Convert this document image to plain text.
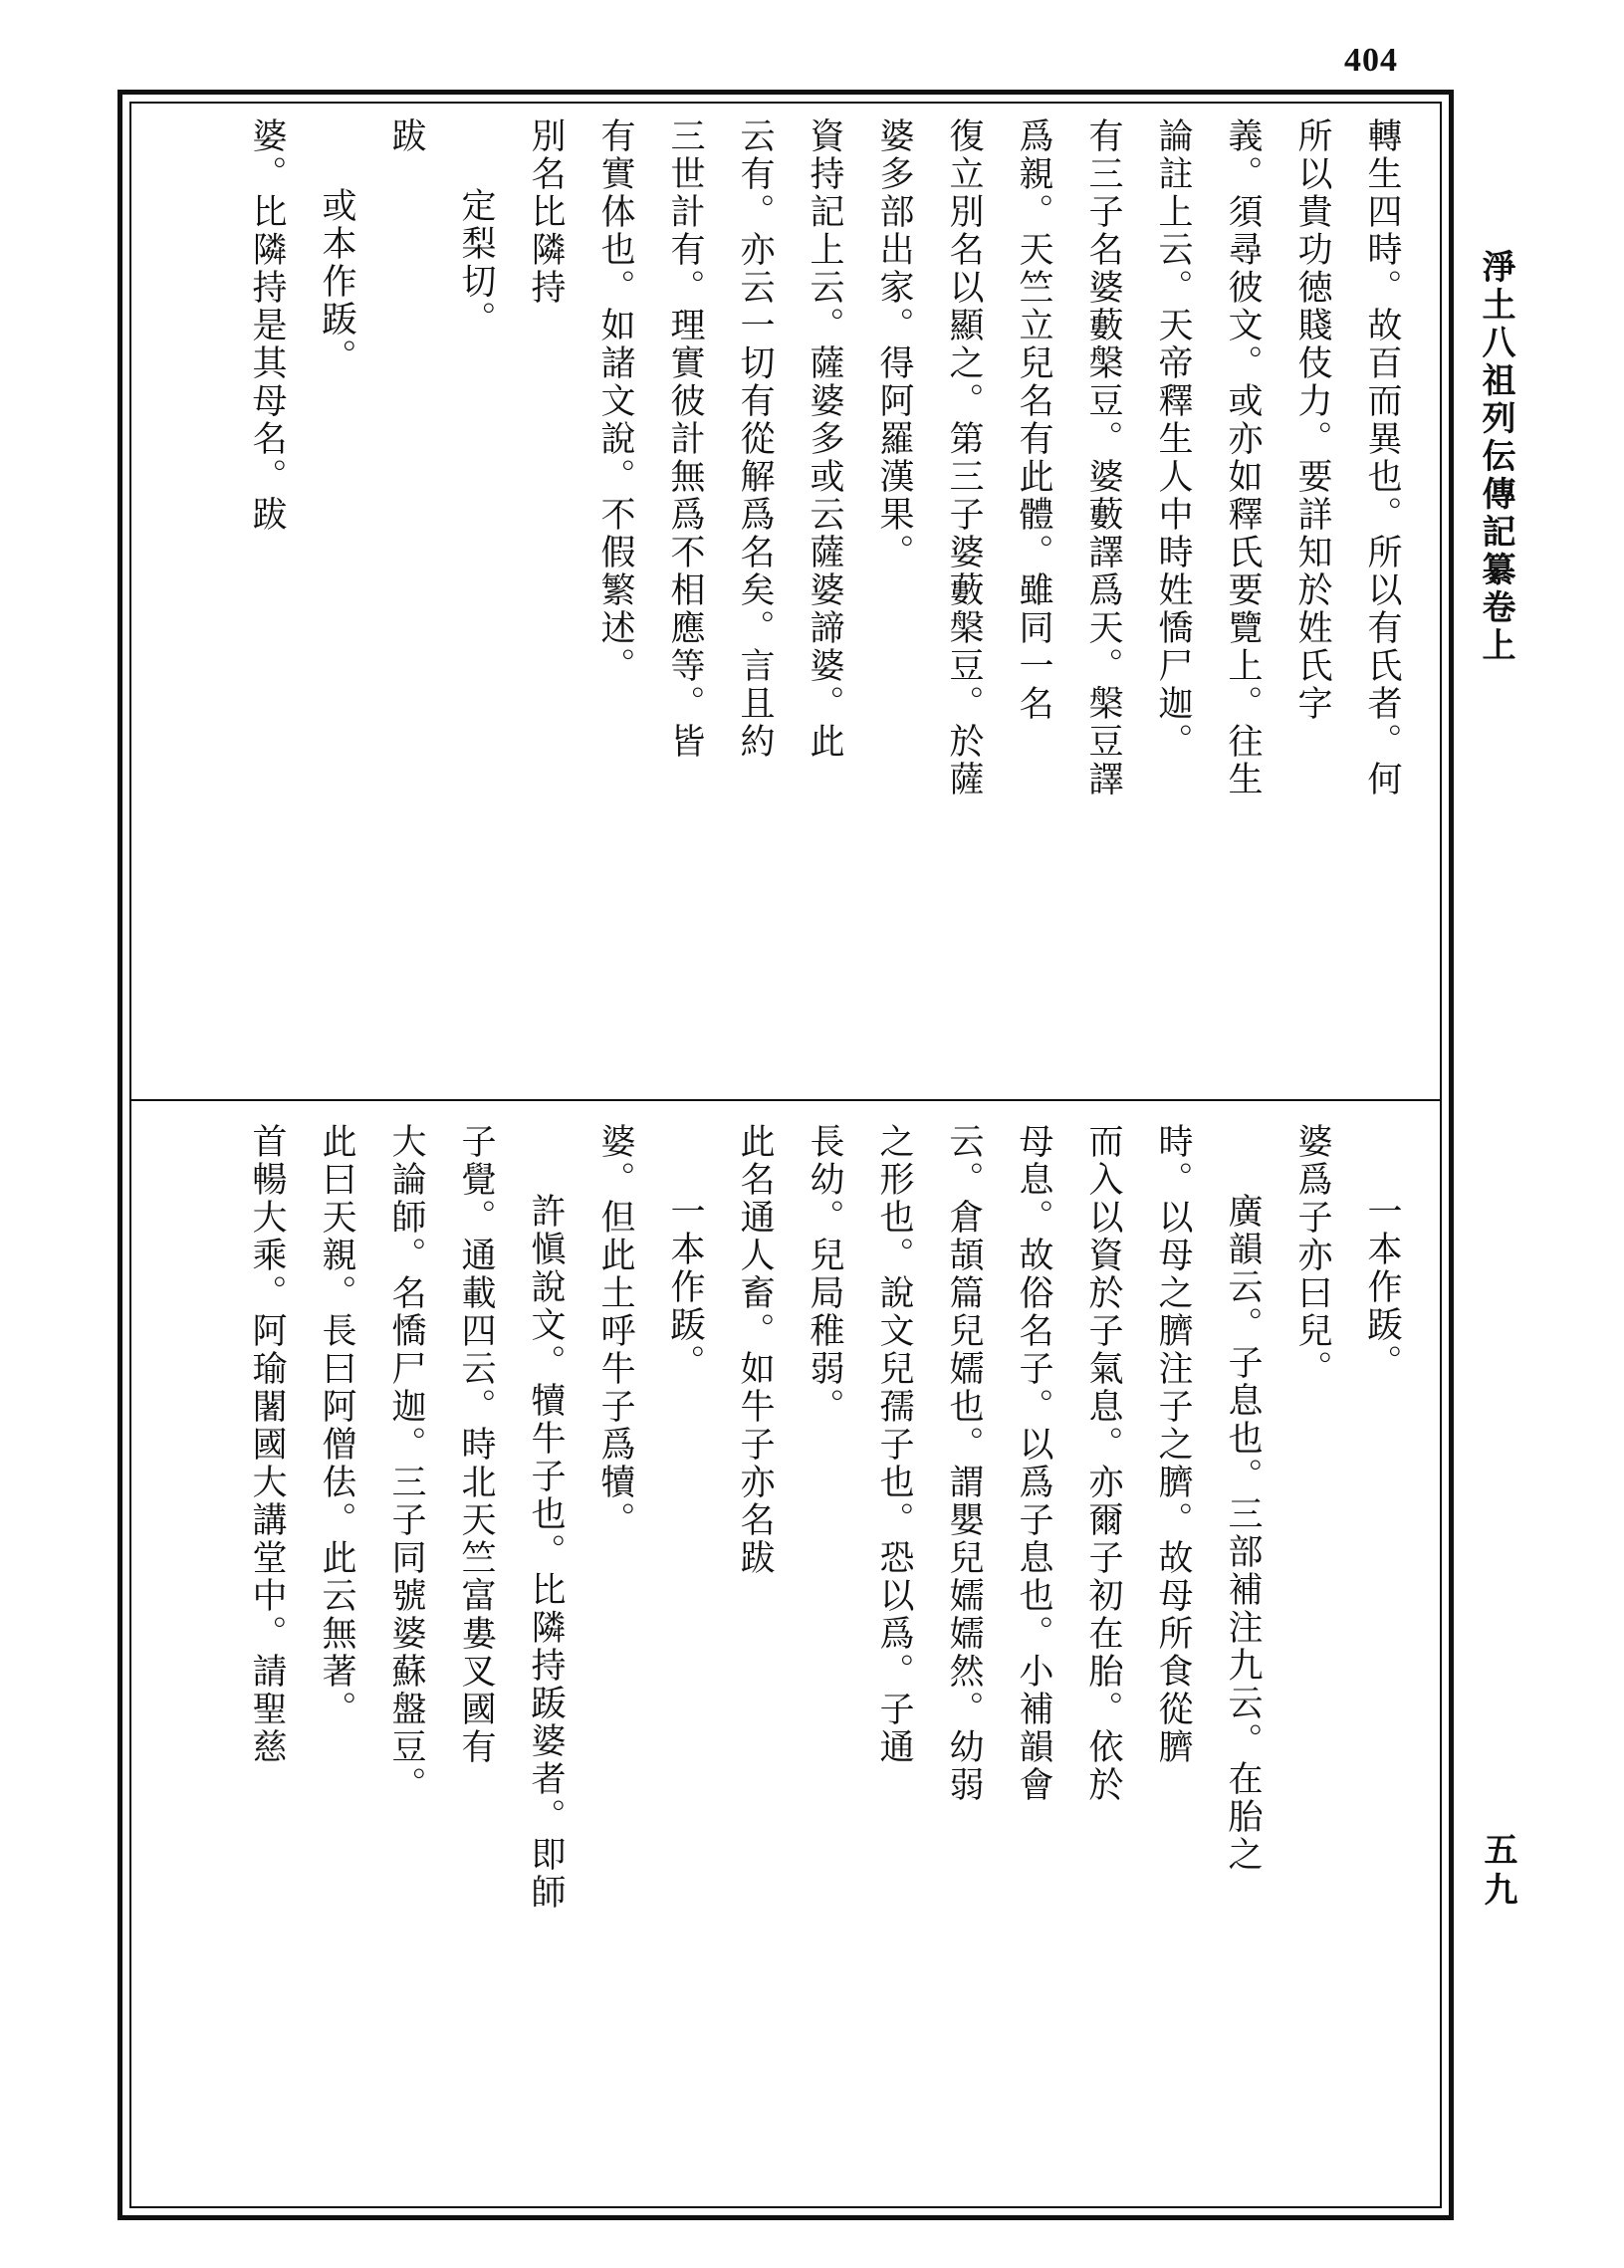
404
淨土八祖列伝傳記纂卷上
五九
轉生四時。故百而異也。所以有氏者。何
所以貴功徳賤伎力。要詳知於姓氏字
義。須尋彼文。或亦如釋氏要覽上。往生
論註上云。天帝釋生人中時姓憍尸迦。
有三子名婆藪槃豆。婆藪譯爲天。槃豆譯
爲親。天竺立兒名有此體。雖同一名
復立別名以顯之。第三子婆藪槃豆。於薩
婆多部出家。得阿羅漢果。
資持記上云。薩婆多或云薩婆諦婆。此
云有。亦云一切有從解爲名矣。言且約
三世計有。理實彼計無爲不相應等。皆
有實体也。如諸文說。不假繁述。
別名比隣持
定梨切。
跋
或本作䟦。
婆。比隣持是其母名。跋
一本作䟦。
婆爲子亦曰兒。
廣韻云。子息也。三部補注九云。在胎之
時。以母之臍注子之臍。故母所食從臍
而入以資於子氣息。亦爾子初在胎。依於
母息。故俗名子。以爲子息也。小補韻會
云。倉頡篇兒嬬也。謂嬰兒嬬嬬然。幼弱
之形也。說文兒孺子也。恐以爲。子通
長幼。兒局稚弱。
此名通人畜。如牛子亦名跋
一本作䟦。
婆。但此土呼牛子爲犢。
許愼說文。犢牛子也。比隣持䟦婆者。即師
子覺。通載四云。時北天竺富婁叉國有
大論師。名憍尸迦。三子同號婆蘇盤豆。
此曰天親。長曰阿僧佉。此云無著。
首暢大乘。阿瑜闍國大講堂中。請聖慈
